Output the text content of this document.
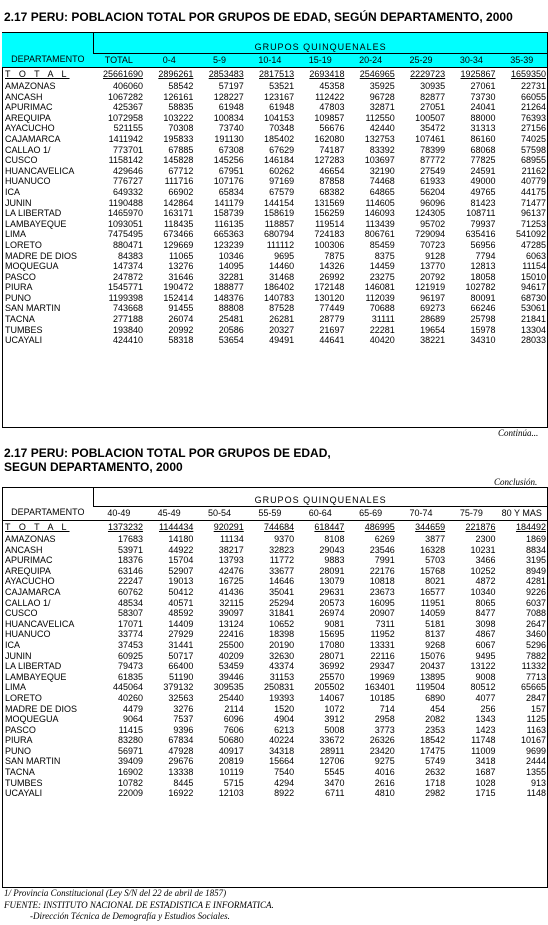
2.17 PERU: POBLACION TOTAL POR GRUPOS DE EDAD, SEGÚN DEPARTAMENTO, 2000
	GRUPOS QUINQUENALES								
DEPARTAMENTO	TOTAL	0-4	5-9	10-14	15-19	20-24	25-29	30-34	35-39
T O T A L	25661690	2896261	2853483	2817513	2693418	2546965	2229723	1925867	1659350
AMAZONAS	406060	58542	57197	53521	45358	35925	30935	27061	22731
ANCASH	1067282	126161	128227	123167	112422	96728	82877	73730	66055
APURIMAC	425367	58835	61948	61948	47803	32871	27051	24041	21264
AREQUIPA	1072958	103222	100834	104153	109857	112550	100507	88000	76393
AYACUCHO	521155	70308	73740	70348	56676	42440	35472	31313	27156
CAJAMARCA	1411942	195833	191130	185402	162080	132753	107461	86160	74025
CALLAO 1/	773701	67885	67308	67629	74187	83392	78399	68068	57598
CUSCO	1158142	145828	145256	146184	127283	103697	87772	77825	68955
HUANCAVELICA	429646	67712	67951	60262	46654	32190	27549	24591	21162
HUANUCO	776727	111716	107176	97169	87858	74468	61933	49000	40779
ICA	649332	66902	65834	67579	68382	64865	56204	49765	44175
JUNIN	1190488	142864	141179	144154	131569	114605	96096	81423	71477
LA LIBERTAD	1465970	163171	158739	158619	156259	146093	124305	108711	96137
LAMBAYEQUE	1093051	118435	116135	118857	119514	113439	95702	79937	71253
LIMA	7475495	673466	665363	680794	724183	806761	729094	635416	541092
LORETO	880471	129669	123239	111112	100306	85459	70723	56956	47285
MADRE DE DIOS	84383	11065	10346	9695	7875	8375	9128	7794	6063
MOQUEGUA	147374	13276	14095	14460	14326	14459	13770	12813	11154
PASCO	247872	31646	32281	31468	26992	23275	20792	18058	15010
PIURA	1545771	190472	188877	186402	172148	146081	121919	102782	94617
PUNO	1199398	152414	148376	140783	130120	112039	96197	80091	68730
SAN MARTIN	743668	91455	88808	87528	77449	70688	69273	66246	53061
TACNA	277188	26074	25481	26281	28779	31111	28689	25798	21841
TUMBES	193840	20992	20586	20327	21697	22281	19654	15978	13304
UCAYALI	424410	58318	53654	49491	44641	40420	38221	34310	28033
Continúa...
2.17 PERU: POBLACION TOTAL POR GRUPOS DE EDAD,
SEGUN DEPARTAMENTO, 2000
Conclusión.
	GRUPOS QUINQUENALES								
DEPARTAMENTO	40-49	45-49	50-54	55-59	60-64	65-69	70-74	75-79	80 Y MAS
T O T A L	1373232	1144434	920291	744684	618447	486995	344659	221876	184492
AMAZONAS	17683	14180	11134	9370	8108	6269	3877	2300	1869
ANCASH	53971	44922	38217	32823	29043	23546	16328	10231	8834
APURIMAC	18376	15704	13793	11772	9883	7991	5703	3466	3195
AREQUIPA	63146	52907	42476	33677	28091	22176	15768	10252	8949
AYACUCHO	22247	19013	16725	14646	13079	10818	8021	4872	4281
CAJAMARCA	60762	50412	41436	35041	29631	23673	16577	10340	9226
CALLAO 1/	48534	40571	32115	25294	20573	16095	11951	8065	6037
CUSCO	58307	48592	39097	31841	26974	20907	14059	8477	7088
HUANCAVELICA	17071	14409	13124	10652	9081	7311	5181	3098	2647
HUANUCO	33774	27929	22416	18398	15695	11952	8137	4867	3460
ICA	37453	31441	25500	20190	17080	13331	9268	6067	5296
JUNIN	60925	50717	40209	32630	28071	22116	15076	9495	7882
LA LIBERTAD	79473	66400	53459	43374	36992	29347	20437	13122	11332
LAMBAYEQUE	61835	51190	39446	31153	25570	19969	13895	9008	7713
LIMA	445064	379132	309535	250831	205502	163401	119504	80512	65665
LORETO	40260	32563	25440	19393	14067	10185	6890	4077	2847
MADRE DE DIOS	4479	3276	2114	1520	1072	714	454	256	157
MOQUEGUA	9064	7537	6096	4904	3912	2958	2082	1343	1125
PASCO	11415	9396	7606	6213	5008	3773	2353	1423	1163
PIURA	83280	67834	50680	40224	33672	26326	18542	11748	10167
PUNO	56971	47928	40917	34318	28911	23420	17475	11009	9699
SAN MARTIN	39409	29676	20819	15664	12706	9275	5749	3418	2444
TACNA	16902	13338	10119	7540	5545	4016	2632	1687	1355
TUMBES	10782	8445	5715	4294	3470	2616	1718	1028	913
UCAYALI	22009	16922	12103	8922	6711	4810	2982	1715	1148
1/ Provincia Constitucional (Ley S/N del 22 de abril de 1857)
FUENTE: INSTITUTO NACIONAL DE ESTADISTICA E INFORMATICA.
-Dirección Técnica de Demografía y Estudios Sociales.
